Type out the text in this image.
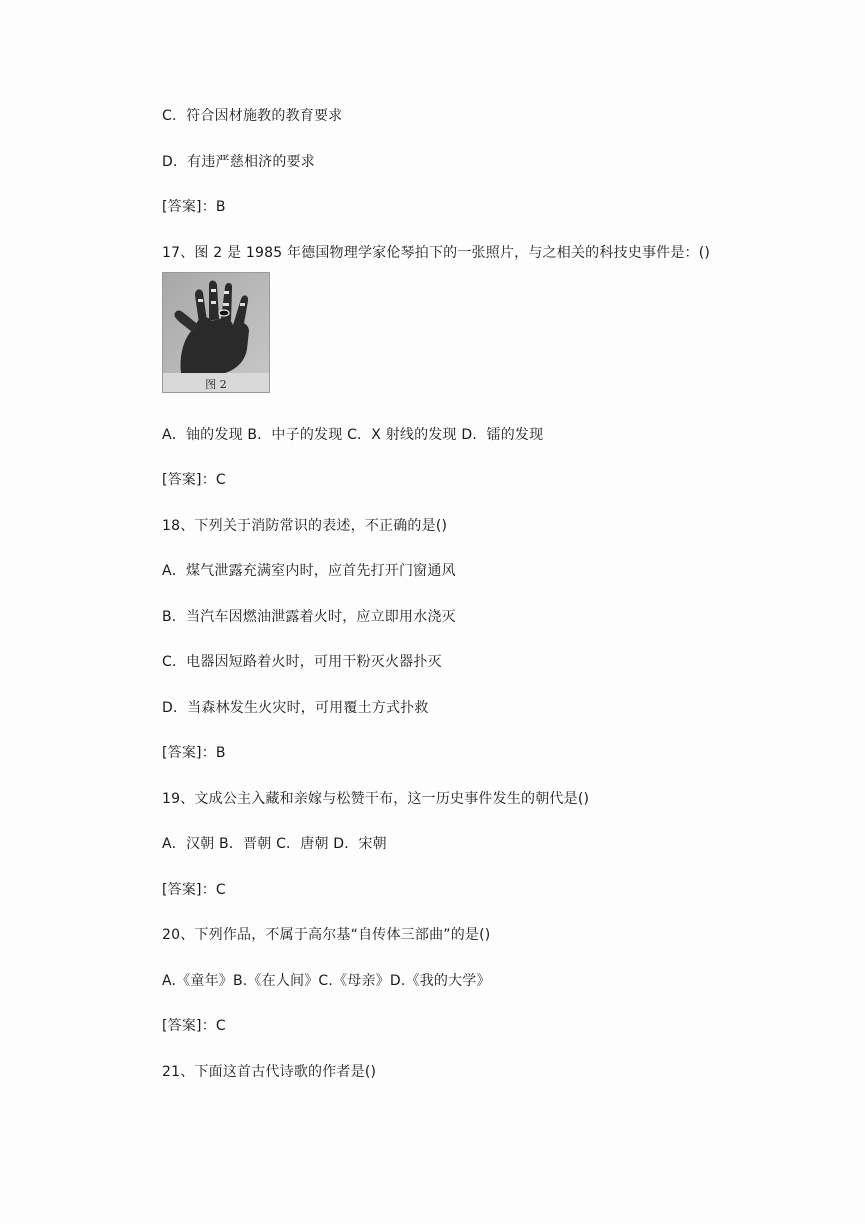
C．符合因材施教的教育要求
D．有违严慈相济的要求
[答案]：B
17、图 2 是 1985 年德国物理学家伦琴拍下的一张照片，与之相关的科技史事件是：()
图 2
A．铀的发现 B．中子的发现 C．X 射线的发现 D．镭的发现
[答案]：C
18、下列关于消防常识的表述，不正确的是()
A．煤气泄露充满室内时，应首先打开门窗通风
B．当汽车因燃油泄露着火时，应立即用水浇灭
C．电器因短路着火时，可用干粉灭火器扑灭
D．当森林发生火灾时，可用覆土方式扑救
[答案]：B
19、文成公主入藏和亲嫁与松赞干布，这一历史事件发生的朝代是()
A．汉朝 B．晋朝 C．唐朝 D．宋朝
[答案]：C
20、下列作品，不属于高尔基“自传体三部曲”的是()
A.《童年》B.《在人间》C.《母亲》D.《我的大学》
[答案]：C
21、下面这首古代诗歌的作者是()
